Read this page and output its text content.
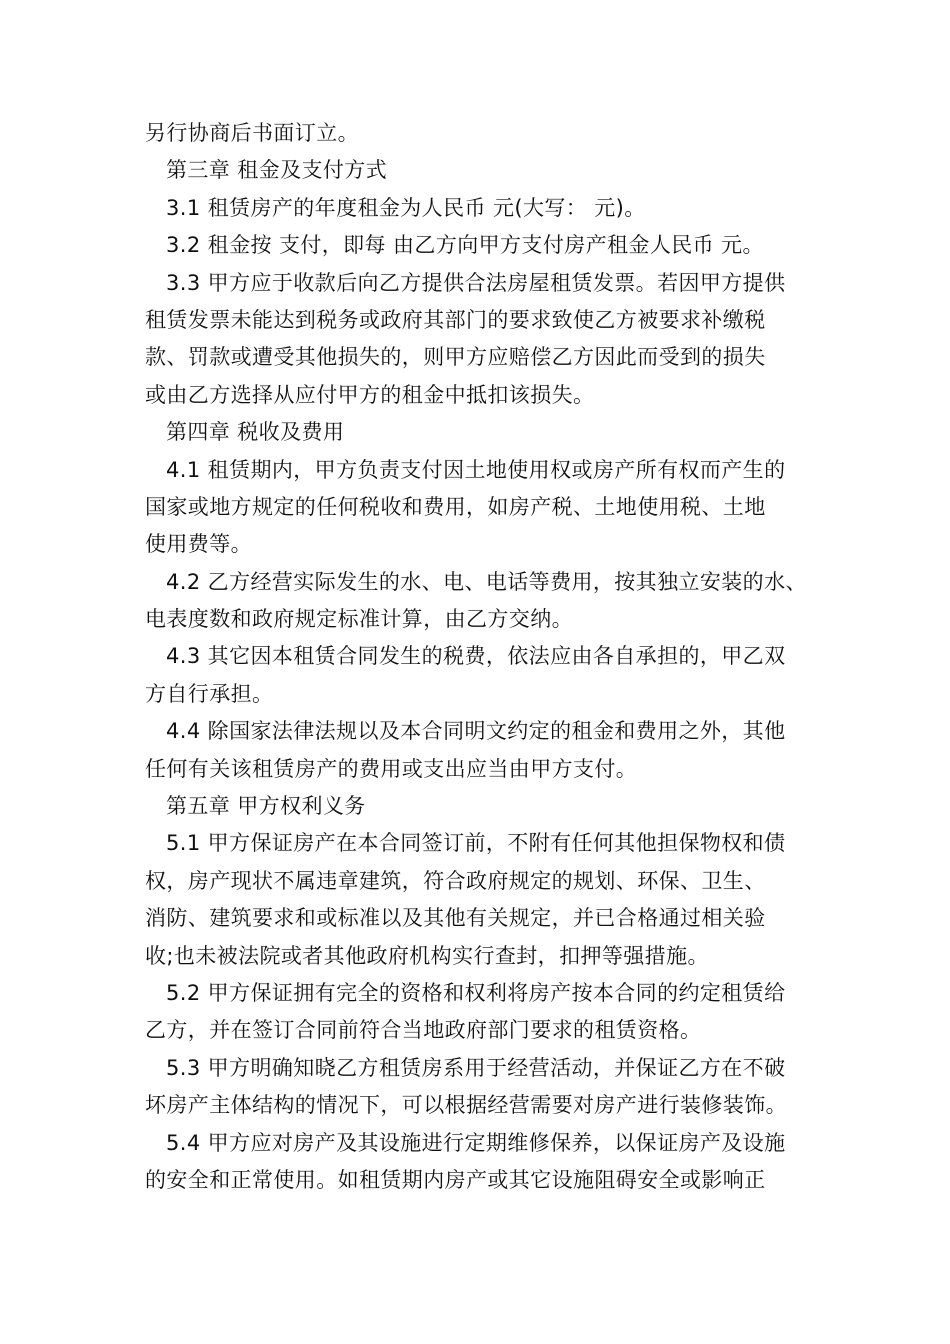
另行协商后书面订立。
第三章 租金及支付方式
3.1 租赁房产的年度租金为人民币 元(大写： 元)。
3.2 租金按 支付，即每 由乙方向甲方支付房产租金人民币 元。
3.3 甲方应于收款后向乙方提供合法房屋租赁发票。若因甲方提供
租赁发票未能达到税务或政府其部门的要求致使乙方被要求补缴税
款、罚款或遭受其他损失的，则甲方应赔偿乙方因此而受到的损失
或由乙方选择从应付甲方的租金中抵扣该损失。
第四章 税收及费用
4.1 租赁期内，甲方负责支付因土地使用权或房产所有权而产生的
国家或地方规定的任何税收和费用，如房产税、土地使用税、土地
使用费等。
4.2 乙方经营实际发生的水、电、电话等费用，按其独立安装的水、
电表度数和政府规定标准计算，由乙方交纳。
4.3 其它因本租赁合同发生的税费，依法应由各自承担的，甲乙双
方自行承担。
4.4 除国家法律法规以及本合同明文约定的租金和费用之外，其他
任何有关该租赁房产的费用或支出应当由甲方支付。
第五章 甲方权利义务
5.1 甲方保证房产在本合同签订前，不附有任何其他担保物权和债
权，房产现状不属违章建筑，符合政府规定的规划、环保、卫生、
消防、建筑要求和或标准以及其他有关规定，并已合格通过相关验
收;也未被法院或者其他政府机构实行查封，扣押等强措施。
5.2 甲方保证拥有完全的资格和权利将房产按本合同的约定租赁给
乙方，并在签订合同前符合当地政府部门要求的租赁资格。
5.3 甲方明确知晓乙方租赁房系用于经营活动，并保证乙方在不破
坏房产主体结构的情况下，可以根据经营需要对房产进行装修装饰。
5.4 甲方应对房产及其设施进行定期维修保养，以保证房产及设施
的安全和正常使用。如租赁期内房产或其它设施阻碍安全或影响正
